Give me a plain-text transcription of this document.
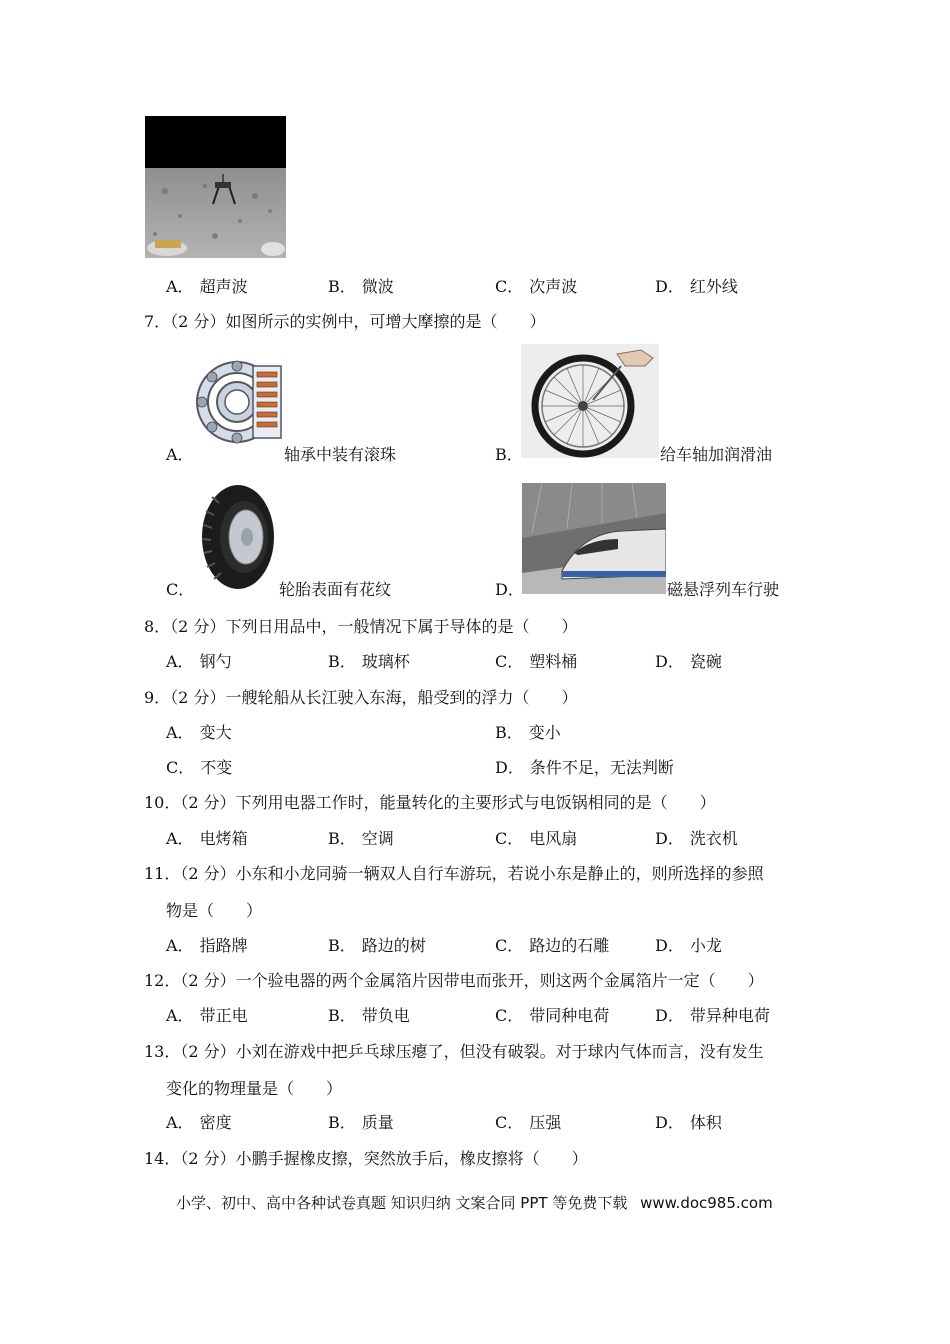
A． 超声波	B． 微波	C． 次声波	D． 红外线
7．（2 分）如图所示的实例中，可增大摩擦的是（　　）
A．	轴承中装有滚珠	B．	给车轴加润滑油
C．	轮胎表面有花纹	D．	磁悬浮列车行驶
8．（2 分）下列日用品中，一般情况下属于导体的是（　　）
A． 钢勺	B． 玻璃杯	C． 塑料桶	D． 瓷碗
9．（2 分）一艘轮船从长江驶入东海，船受到的浮力（　　）
A． 变大	B． 变小
C． 不变	D． 条件不足，无法判断
10．（2 分）下列用电器工作时，能量转化的主要形式与电饭锅相同的是（　　）
A． 电烤箱	B． 空调	C． 电风扇	D． 洗衣机
11．（2 分）小东和小龙同骑一辆双人自行车游玩，若说小东是静止的，则所选择的参照
物是（　　）
A． 指路牌	B． 路边的树	C． 路边的石雕	D． 小龙
12．（2 分）一个验电器的两个金属箔片因带电而张开，则这两个金属箔片一定（　　）
A． 带正电	B． 带负电	C． 带同种电荷	D． 带异种电荷
13．（2 分）小刘在游戏中把乒乓球压瘪了，但没有破裂。对于球内气体而言，没有发生
变化的物理量是（　　）
A． 密度	B． 质量	C． 压强	D． 体积
14．（2 分）小鹏手握橡皮擦，突然放手后，橡皮擦将（　　）
小学、初中、高中各种试卷真题 知识归纳 文案合同 PPT 等免费下载 www.doc985.com
